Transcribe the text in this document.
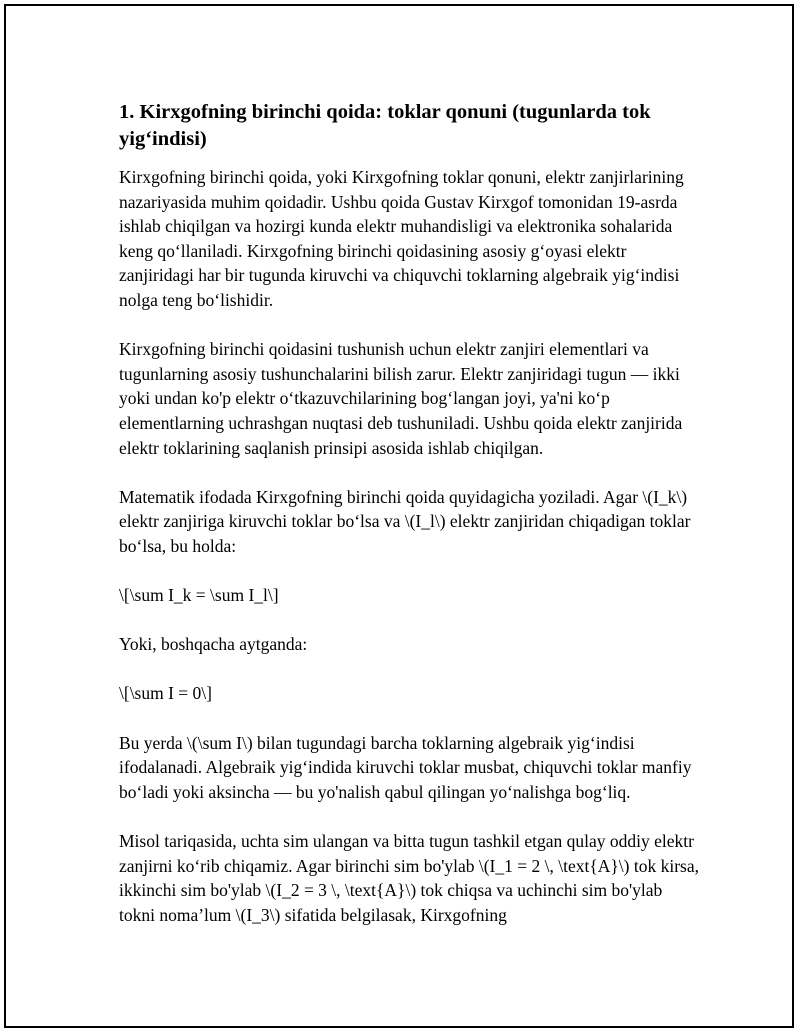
1. Kirxgofning birinchi qoida: toklar qonuni (tugunlarda tok yig‘indisi)

Kirxgofning birinchi qoida, yoki Kirxgofning toklar qonuni, elektr zanjirlarining nazariyasida muhim qoidadir. Ushbu qoida Gustav Kirxgof tomonidan 19-asrda ishlab chiqilgan va hozirgi kunda elektr muhandisligi va elektronika sohalarida keng qo‘llaniladi. Kirxgofning birinchi qoidasining asosiy g‘oyasi elektr zanjiridagi har bir tugunda kiruvchi va chiquvchi toklarning algebraik yig‘indisi nolga teng bo‘lishidir.

Kirxgofning birinchi qoidasini tushunish uchun elektr zanjiri elementlari va tugunlarning asosiy tushunchalarini bilish zarur. Elektr zanjiridagi tugun — ikki yoki undan ko'p elektr o‘tkazuvchilarining bog‘langan joyi, ya'ni ko‘p elementlarning uchrashgan nuqtasi deb tushuniladi. Ushbu qoida elektr zanjirida elektr toklarining saqlanish prinsipi asosida ishlab chiqilgan.

Matematik ifodada Kirxgofning birinchi qoida quyidagicha yoziladi. Agar \(I_k\) elektr zanjiriga kiruvchi toklar bo‘lsa va \(I_l\) elektr zanjiridan chiqadigan toklar bo‘lsa, bu holda:

\[\sum I_k = \sum I_l\]

Yoki, boshqacha aytganda:

\[\sum I = 0\]

Bu yerda \(\sum I\) bilan tugundagi barcha toklarning algebraik yig‘indisi ifodalanadi. Algebraik yig‘indida kiruvchi toklar musbat, chiquvchi toklar manfiy bo‘ladi yoki aksincha — bu yo'nalish qabul qilingan yo‘nalishga bog‘liq.

Misol tariqasida, uchta sim ulangan va bitta tugun tashkil etgan qulay oddiy elektr zanjirni ko‘rib chiqamiz. Agar birinchi sim bo'ylab \(I_1 = 2 \, \text{A}\) tok kirsa, ikkinchi sim bo'ylab \(I_2 = 3 \, \text{A}\) tok chiqsa va uchinchi sim bo'ylab tokni noma’lum \(I_3\) sifatida belgilasak, Kirxgofning
